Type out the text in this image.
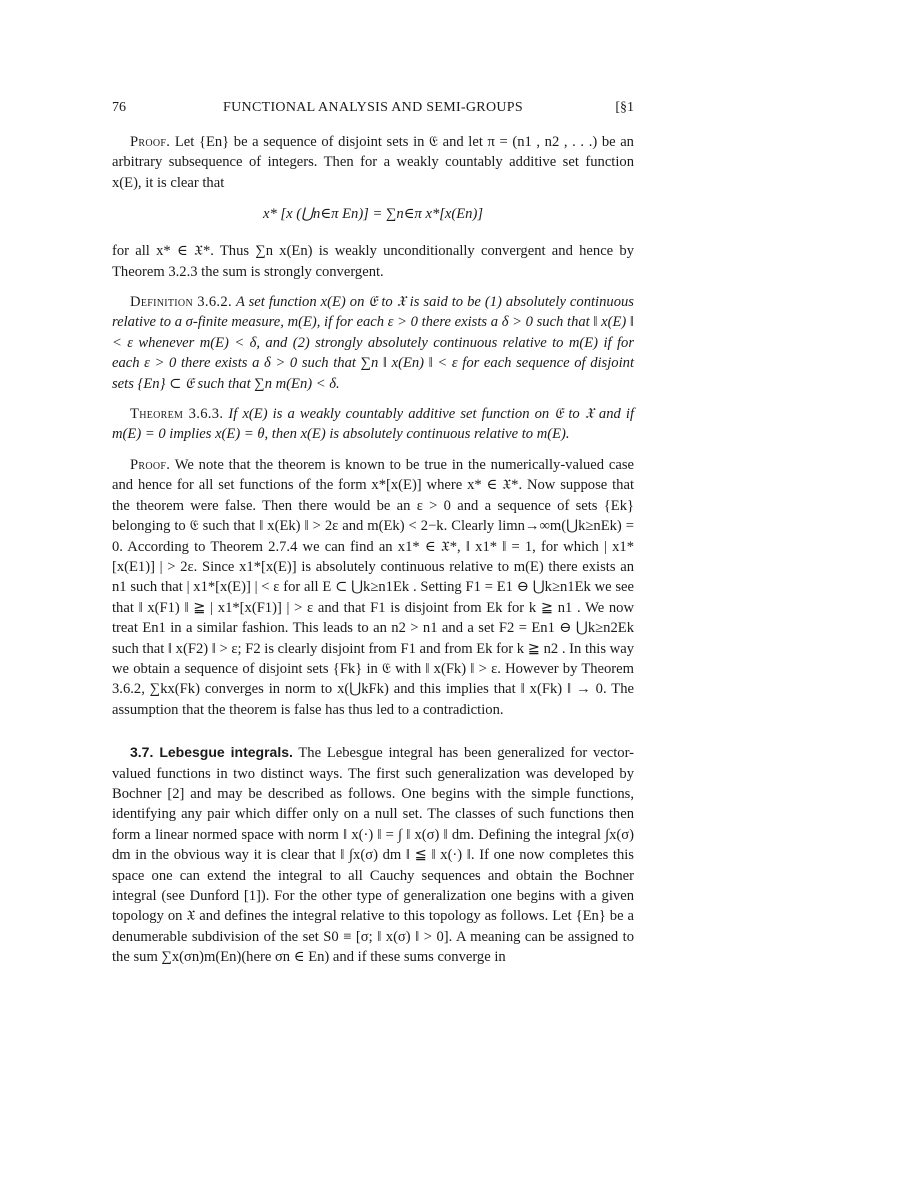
76	FUNCTIONAL ANALYSIS AND SEMI-GROUPS	[§1

Proof. Let {En} be a sequence of disjoint sets in 𝔈 and let π = (n1 , n2 , . . .) be an arbitrary subsequence of integers. Then for a weakly countably additive set function x(E), it is clear that

x* [x (⋃n∈π En)] = ∑n∈π x*[x(En)]

for all x* ∈ 𝔛*. Thus ∑n x(En) is weakly unconditionally convergent and hence by Theorem 3.2.3 the sum is strongly convergent.

Definition 3.6.2. A set function x(E) on 𝔈 to 𝔛 is said to be (1) absolutely continuous relative to a σ-finite measure, m(E), if for each ε > 0 there exists a δ > 0 such that ‖ x(E) ‖ < ε whenever m(E) < δ, and (2) strongly absolutely continuous relative to m(E) if for each ε > 0 there exists a δ > 0 such that ∑n ‖ x(En) ‖ < ε for each sequence of disjoint sets {En} ⊂ 𝔈 such that ∑n m(En) < δ.

Theorem 3.6.3. If x(E) is a weakly countably additive set function on 𝔈 to 𝔛 and if m(E) = 0 implies x(E) = θ, then x(E) is absolutely continuous relative to m(E).

Proof. We note that the theorem is known to be true in the numerically-valued case and hence for all set functions of the form x*[x(E)] where x* ∈ 𝔛*. Now suppose that the theorem were false. Then there would be an ε > 0 and a sequence of sets {Ek} belonging to 𝔈 such that ‖ x(Ek) ‖ > 2ε and m(Ek) < 2−k. Clearly limn→∞m(⋃k≥nEk) = 0. According to Theorem 2.7.4 we can find an x1* ∈ 𝔛*, ‖ x1* ‖ = 1, for which | x1*[x(E1)] | > 2ε. Since x1*[x(E)] is absolutely continuous relative to m(E) there exists an n1 such that | x1*[x(E)] | < ε for all E ⊂ ⋃k≥n1Ek . Setting F1 = E1 ⊖ ⋃k≥n1Ek we see that ‖ x(F1) ‖ ≧ | x1*[x(F1)] | > ε and that F1 is disjoint from Ek for k ≧ n1 . We now treat En1 in a similar fashion. This leads to an n2 > n1 and a set F2 = En1 ⊖ ⋃k≥n2Ek such that ‖ x(F2) ‖ > ε; F2 is clearly disjoint from F1 and from Ek for k ≧ n2 . In this way we obtain a sequence of disjoint sets {Fk} in 𝔈 with ‖ x(Fk) ‖ > ε. However by Theorem 3.6.2, ∑kx(Fk) converges in norm to x(⋃kFk) and this implies that ‖ x(Fk) ‖ → 0. The assumption that the theorem is false has thus led to a contradiction.

3.7. Lebesgue integrals. The Lebesgue integral has been generalized for vector-valued functions in two distinct ways. The first such generalization was developed by Bochner [2] and may be described as follows. One begins with the simple functions, identifying any pair which differ only on a null set. The classes of such functions then form a linear normed space with norm ‖ x(·) ‖ = ∫ ‖ x(σ) ‖ dm. Defining the integral ∫x(σ) dm in the obvious way it is clear that ‖ ∫x(σ) dm ‖ ≦ ‖ x(·) ‖. If one now completes this space one can extend the integral to all Cauchy sequences and obtain the Bochner integral (see Dunford [1]). For the other type of generalization one begins with a given topology on 𝔛 and defines the integral relative to this topology as follows. Let {En} be a denumerable subdivision of the set S0 ≡ [σ; ‖ x(σ) ‖ > 0]. A meaning can be assigned to the sum ∑x(σn)m(En)(here σn ∈ En) and if these sums converge in
